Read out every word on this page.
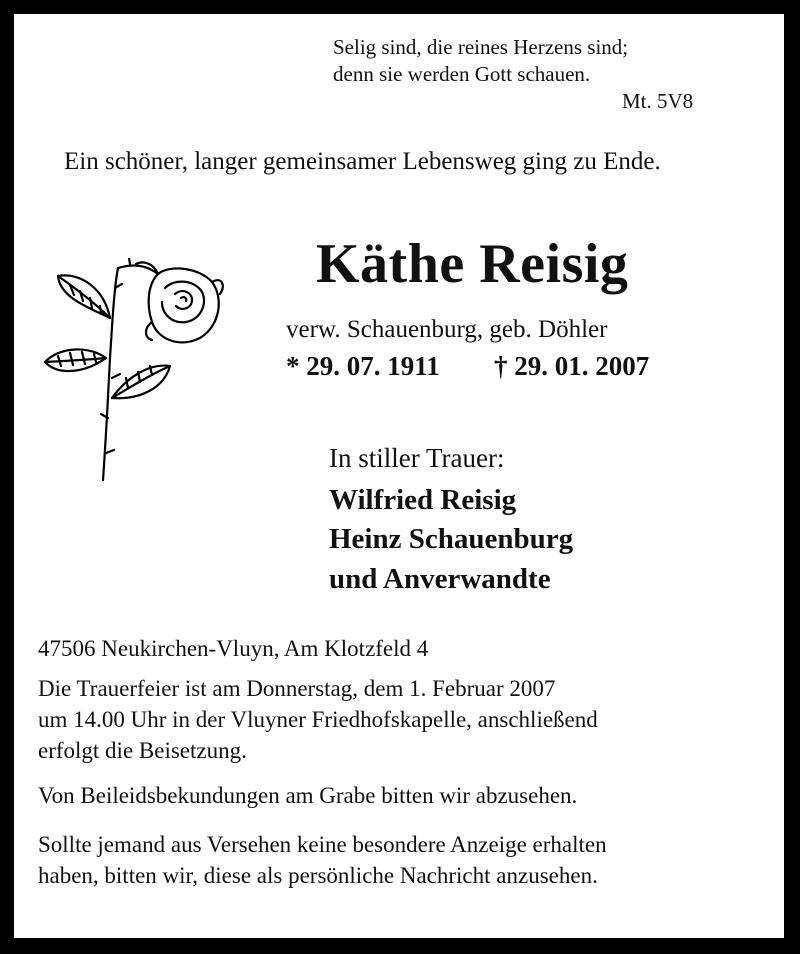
Selig sind, die reines Herzens sind;
denn sie werden Gott schauen.
Mt. 5V8
Ein schöner, langer gemeinsamer Lebensweg ging zu Ende.
Käthe Reisig
verw. Schauenburg, geb. Döhler
* 29. 07. 1911 † 29. 01. 2007
In stiller Trauer:
Wilfried Reisig
Heinz Schauenburg
und Anverwandte
47506 Neukirchen-Vluyn, Am Klotzfeld 4
Die Trauerfeier ist am Donnerstag, dem 1. Februar 2007
um 14.00 Uhr in der Vluyner Friedhofskapelle, anschließend
erfolgt die Beisetzung.
Von Beileidsbekundungen am Grabe bitten wir abzusehen.
Sollte jemand aus Versehen keine besondere Anzeige erhalten
haben, bitten wir, diese als persönliche Nachricht anzusehen.
